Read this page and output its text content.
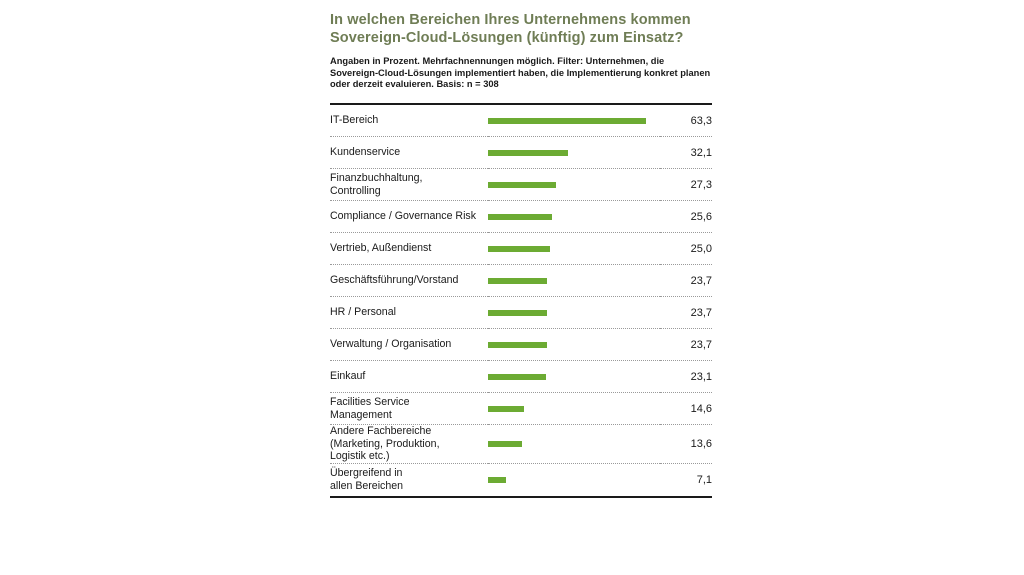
In welchen Bereichen Ihres Unternehmens kommen
Sovereign-Cloud-Lösungen (künftig) zum Einsatz?
Angaben in Prozent. Mehrfachnennungen möglich. Filter: Unternehmen, die Sovereign-Cloud-Lösungen implementiert haben, die Implementierung konkret planen oder derzeit evaluieren. Basis: n = 308
IT-Bereich		63,3

Kundenservice		32,1

Finanzbuchhaltung,
Controlling		27,3

Compliance / Governance Risk		25,6

Vertrieb, Außendienst		25,0

Geschäftsführung/Vorstand		23,7

HR / Personal		23,7

Verwaltung / Organisation		23,7

Einkauf		23,1

Facilities Service
Management		14,6

Andere Fachbereiche
(Marketing, Produktion,
Logistik etc.)		13,6

Übergreifend in
allen Bereichen		7,1
